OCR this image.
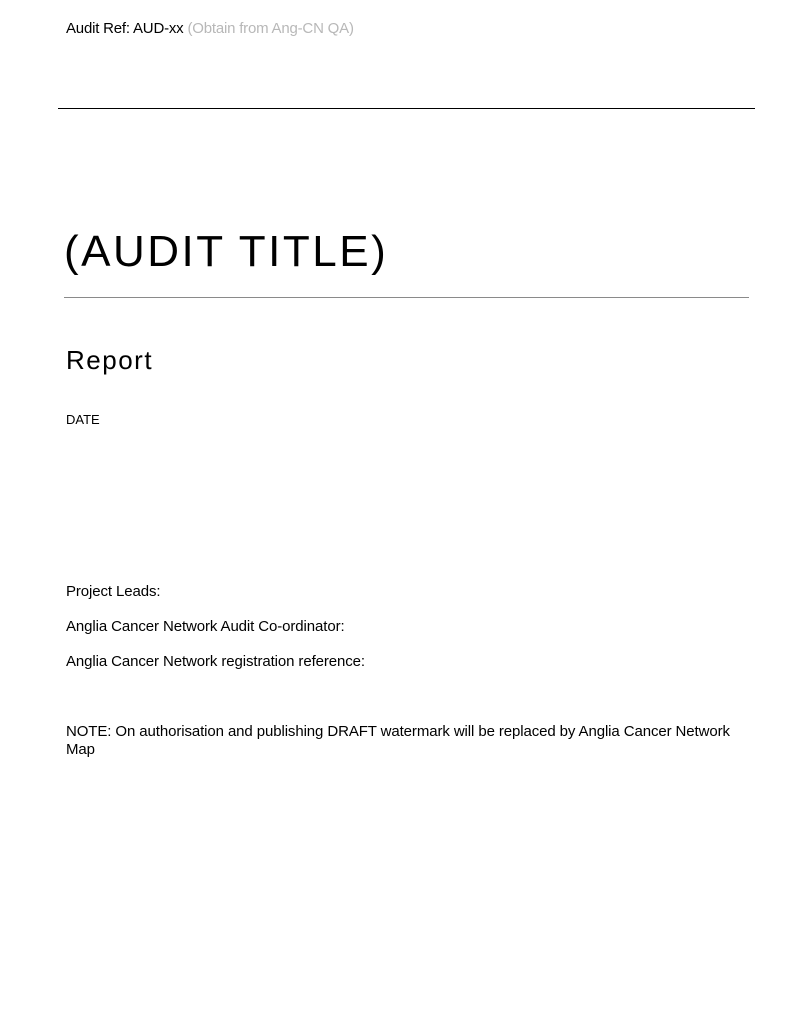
Audit Ref: AUD-xx (Obtain from Ang-CN QA)
(AUDIT TITLE)
Report
DATE
Project Leads:
Anglia Cancer Network Audit Co-ordinator:
Anglia Cancer Network registration reference:
NOTE: On authorisation and publishing DRAFT watermark will be replaced by Anglia Cancer Network Map
